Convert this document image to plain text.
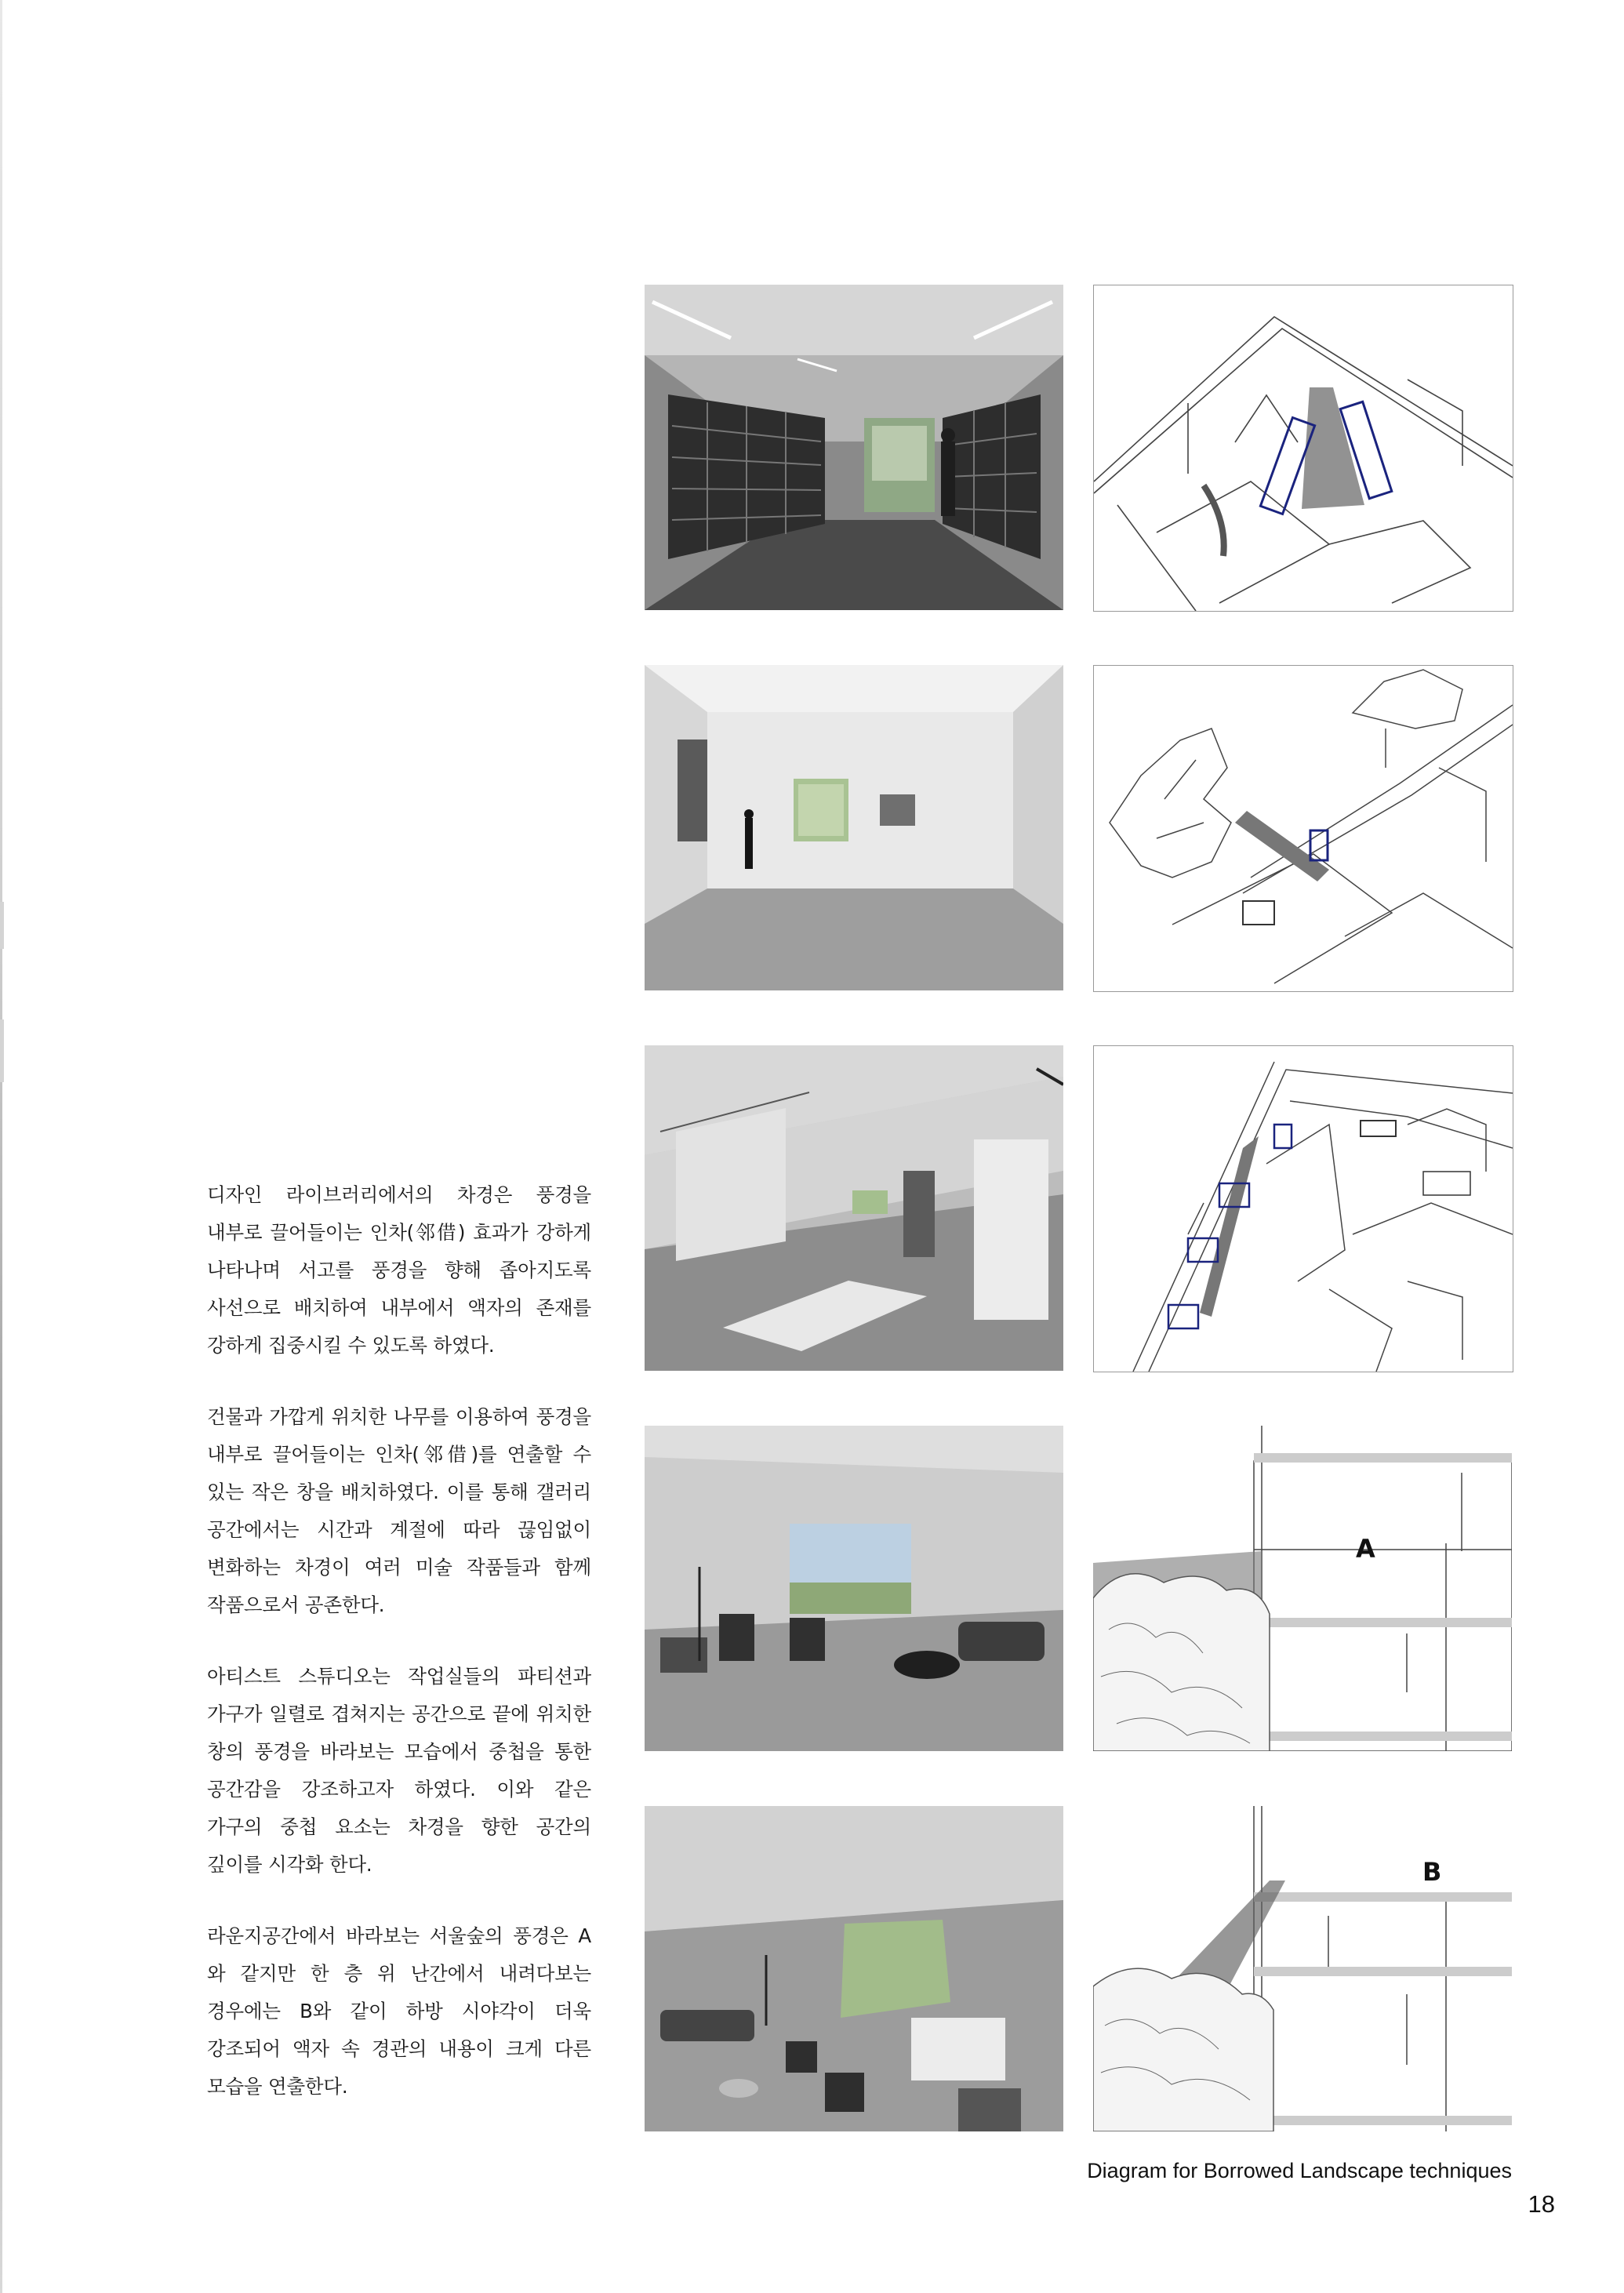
디자인 라이브러리에서의 차경은 풍경을 내부로 끌어들이는 인차(邻借) 효과가 강하게 나타나며 서고를 풍경을 향해 좁아지도록 사선으로 배치하여 내부에서 액자의 존재를 강하게 집중시킬 수 있도록 하였다.

건물과 가깝게 위치한 나무를 이용하여 풍경을 내부로 끌어들이는 인차(邻借)를 연출할 수 있는 작은 창을 배치하였다. 이를 통해 갤러리 공간에서는 시간과 계절에 따라 끊임없이 변화하는 차경이 여러 미술 작품들과 함께 작품으로서 공존한다.

아티스트 스튜디오는 작업실들의 파티션과 가구가 일렬로 겹쳐지는 공간으로 끝에 위치한 창의 풍경을 바라보는 모습에서 중첩을 통한 공간감을 강조하고자 하였다. 이와 같은 가구의 중첩 요소는 차경을 향한 공간의 깊이를 시각화 한다.

라운지공간에서 바라보는 서울숲의 풍경은 A 와 같지만 한 층 위 난간에서 내려다보는 경우에는 B와 같이 하방 시야각이 더욱 강조되어 액자 속 경관의 내용이 크게 다른 모습을 연출한다.

A
B
Diagram for Borrowed Landscape techniques
18
